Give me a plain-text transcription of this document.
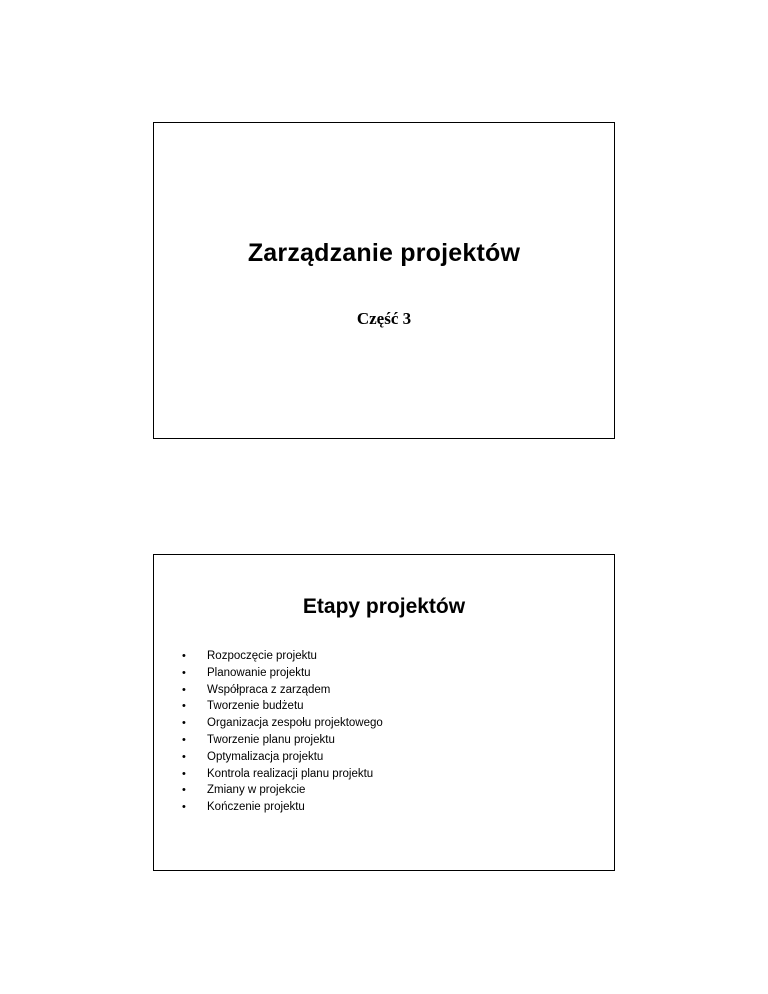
Zarządzanie projektów

Część 3

Etapy projektów
• Rozpoczęcie projektu
• Planowanie projektu
• Współpraca z zarządem
• Tworzenie budżetu
• Organizacja zespołu projektowego
• Tworzenie planu projektu
• Optymalizacja projektu
• Kontrola realizacji planu projektu
• Zmiany w projekcie
• Kończenie projektu
